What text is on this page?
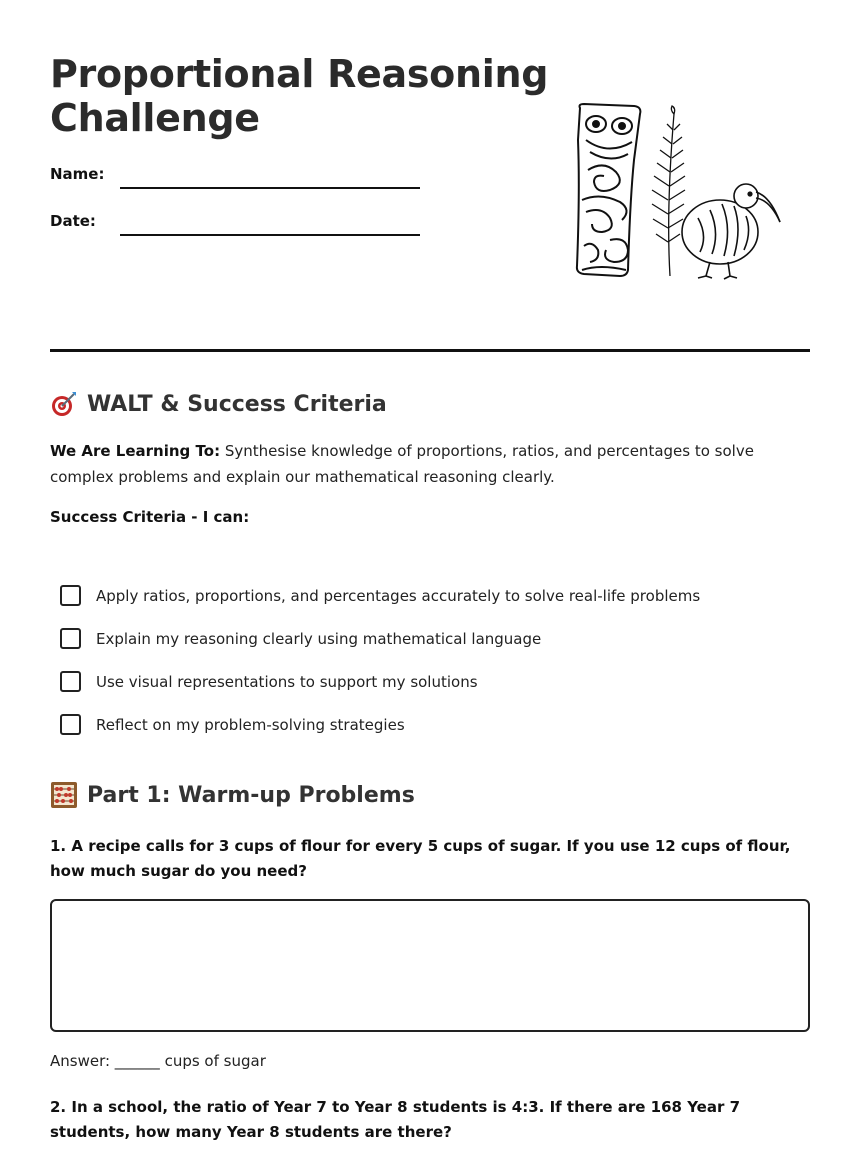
Proportional Reasoning
Challenge
Name:
Date:
WALT & Success Criteria
We Are Learning To: Synthesise knowledge of proportions, ratios, and percentages to solve complex problems and explain our mathematical reasoning clearly.
Success Criteria - I can:
Apply ratios, proportions, and percentages accurately to solve real-life problems
Explain my reasoning clearly using mathematical language
Use visual representations to support my solutions
Reflect on my problem-solving strategies
Part 1: Warm-up Problems
1. A recipe calls for 3 cups of flour for every 5 cups of sugar. If you use 12 cups of flour, how much sugar do you need?
Answer: ______ cups of sugar
2. In a school, the ratio of Year 7 to Year 8 students is 4:3. If there are 168 Year 7 students, how many Year 8 students are there?
